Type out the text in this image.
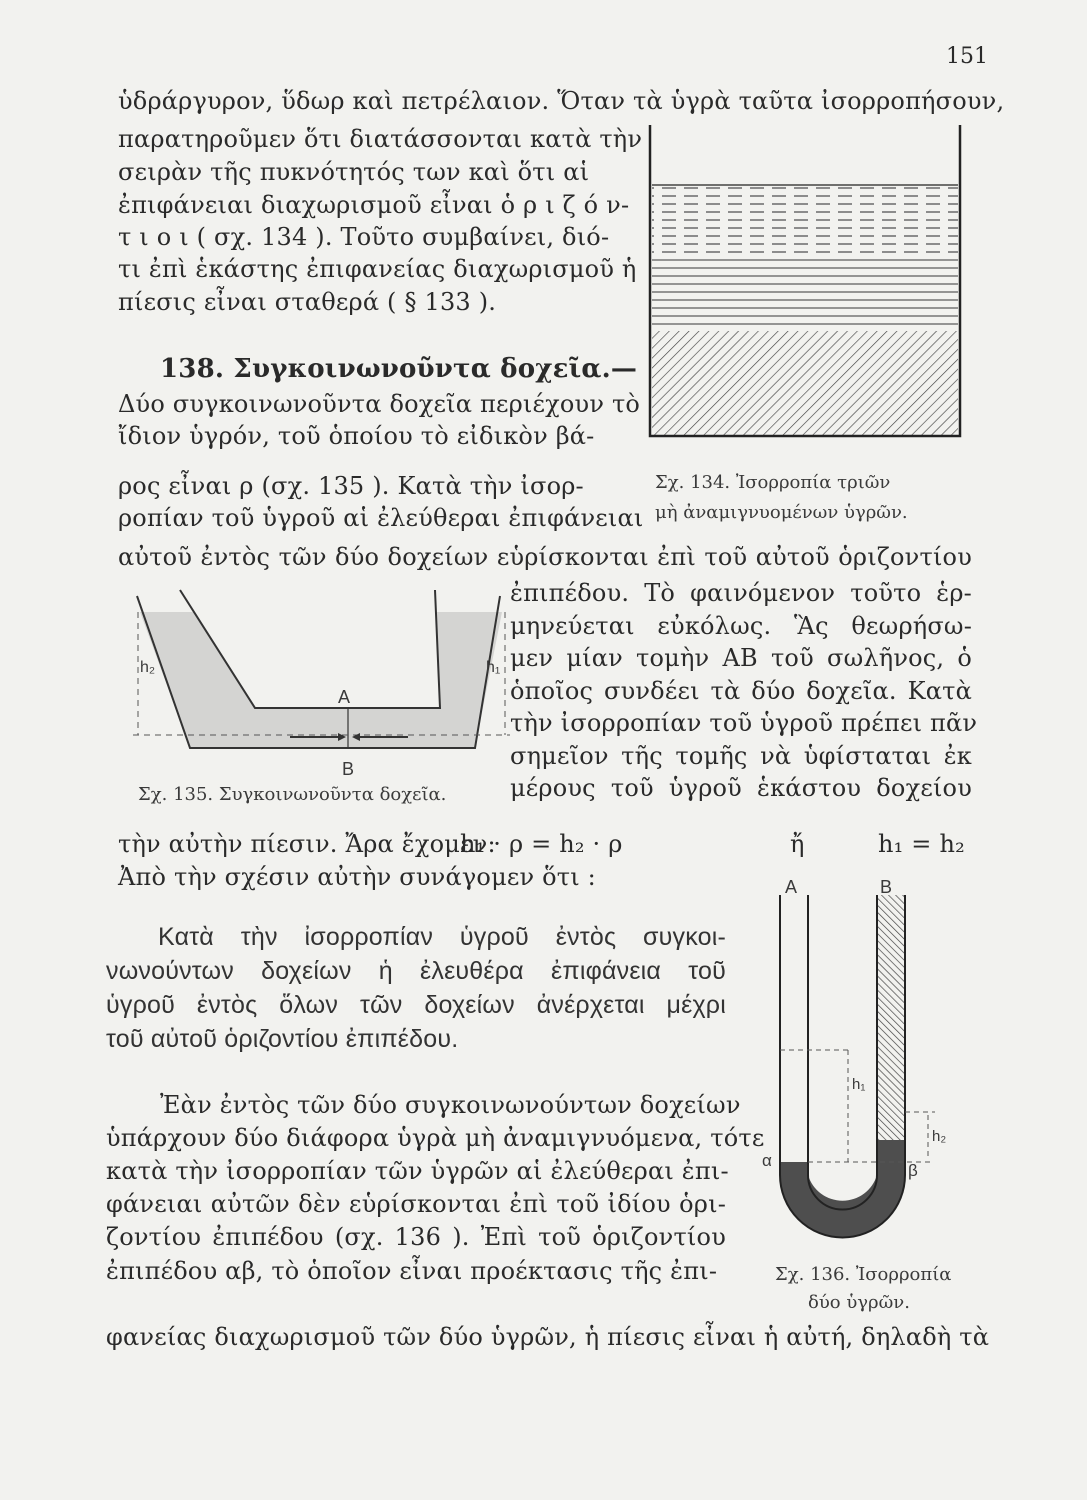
151
ὑδράργυρον, ὕδωρ καὶ πετρέλαιον. Ὅταν τὰ ὑγρὰ ταῦτα ἰσορροπήσουν,
παρατηροῦμεν ὅτι διατάσσονται κατὰ τὴν
σειρὰν τῆς πυκνότητός των καὶ ὅτι αἱ
ἐπιφάνειαι διαχωρισμοῦ εἶναι ὁ ρ ι ζ ό ν-
τ ι ο ι ( σχ. 134 ). Τοῦτο συμβαίνει, διό-
τι ἐπὶ ἑκάστης ἐπιφανείας διαχωρισμοῦ ἡ
πίεσις εἶναι σταθερά ( § 133 ).
138. Συγκοινωνοῦντα δοχεῖα.—
Δύο συγκοινωνοῦντα δοχεῖα περιέχουν τὸ
ἴδιον ὑγρόν, τοῦ ὁποίου τὸ εἰδικὸν βά-
ρος εἶναι ρ (σχ. 135 ). Κατὰ τὴν ἰσορ-
ροπίαν τοῦ ὑγροῦ αἱ ἐλεύθεραι ἐπιφάνειαι
αὐτοῦ ἐντὸς τῶν δύο δοχείων εὑρίσκονται ἐπὶ τοῦ αὐτοῦ ὁριζοντίου
ἐπιπέδου. Τὸ φαινόμενον τοῦτο ἑρ-
μηνεύεται εὐκόλως. Ἃς θεωρήσω-
μεν μίαν τομὴν AB τοῦ σωλῆνος, ὁ
ὁποῖος συνδέει τὰ δύο δοχεῖα. Κατὰ
τὴν ἰσορροπίαν τοῦ ὑγροῦ πρέπει πᾶν
σημεῖον τῆς τομῆς νὰ ὑφίσταται ἐκ
μέρους τοῦ ὑγροῦ ἑκάστου δοχείου
τὴν αὐτὴν πίεσιν. Ἄρα ἔχομεν:
h₁ · ρ = h₂ · ρ	ἤ	h₁ = h₂
Ἀπὸ τὴν σχέσιν αὐτὴν συνάγομεν ὅτι :
Κατὰ τὴν ἰσορροπίαν ὑγροῦ ἐντὸς συγκοι-
νωνούντων δοχείων ἡ ἐλευθέρα ἐπιφάνεια τοῦ
ὑγροῦ ἐντὸς ὅλων τῶν δοχείων ἀνέρχεται μέχρι
τοῦ αὐτοῦ ὁριζοντίου ἐπιπέδου.
Ἐὰν ἐντὸς τῶν δύο συγκοινωνούντων δοχείων
ὑπάρχουν δύο διάφορα ὑγρὰ μὴ ἀναμιγνυόμενα, τότε
κατὰ τὴν ἰσορροπίαν τῶν ὑγρῶν αἱ ἐλεύθεραι ἐπι-
φάνειαι αὐτῶν δὲν εὑρίσκονται ἐπὶ τοῦ ἰδίου ὁρι-
ζοντίου ἐπιπέδου (σχ. 136 ). Ἐπὶ τοῦ ὁριζοντίου
ἐπιπέδου αβ, τὸ ὁποῖον εἶναι προέκτασις τῆς ἐπι-
φανείας διαχωρισμοῦ τῶν δύο ὑγρῶν, ἡ πίεσις εἶναι ἡ αὐτή, δηλαδὴ τὰ
Σχ. 134. Ἰσορροπία τριῶν
μὴ ἀναμιγνυομένων ὑγρῶν.
h₂	h₁
A
B
Σχ. 135. Συγκοινωνοῦντα δοχεῖα.
A	B
h₁
h₂
α
β
Σχ. 136. Ἰσορροπία
δύο ὑγρῶν.
